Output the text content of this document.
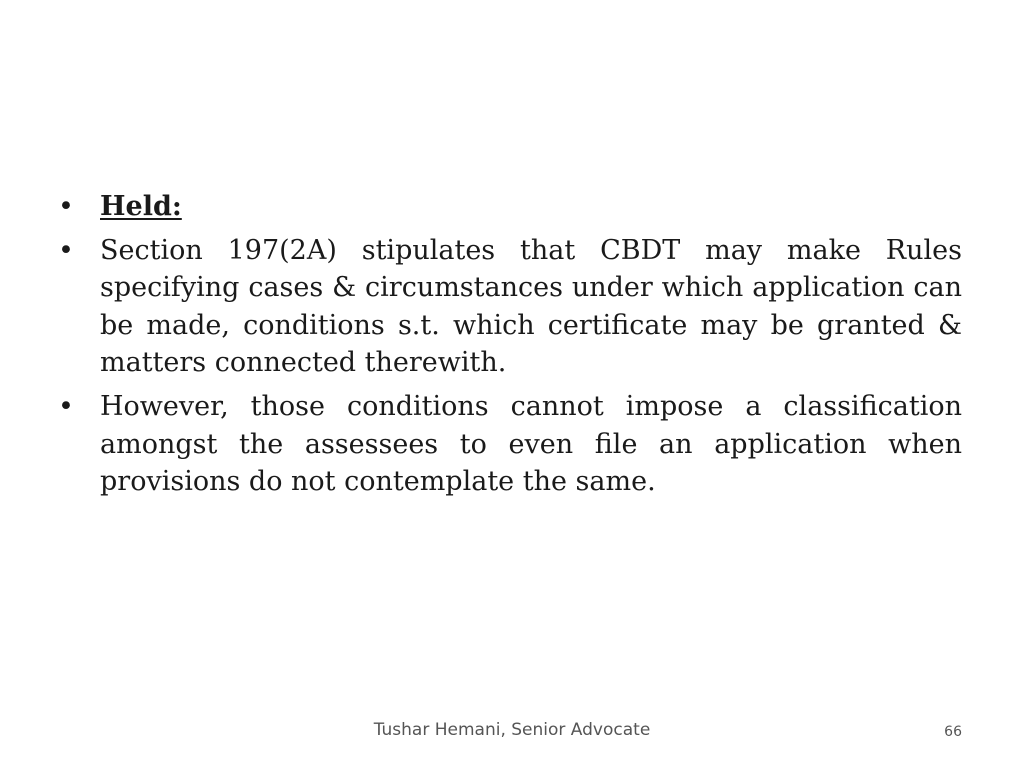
• Held:
• Section 197(2A) stipulates that CBDT may make Rules specifying cases & circumstances under which application can be made, conditions s.t. which certificate may be granted & matters connected therewith.
• However, those conditions cannot impose a classification amongst the assessees to even file an application when provisions do not contemplate the same.
Tushar Hemani, Senior Advocate	66
